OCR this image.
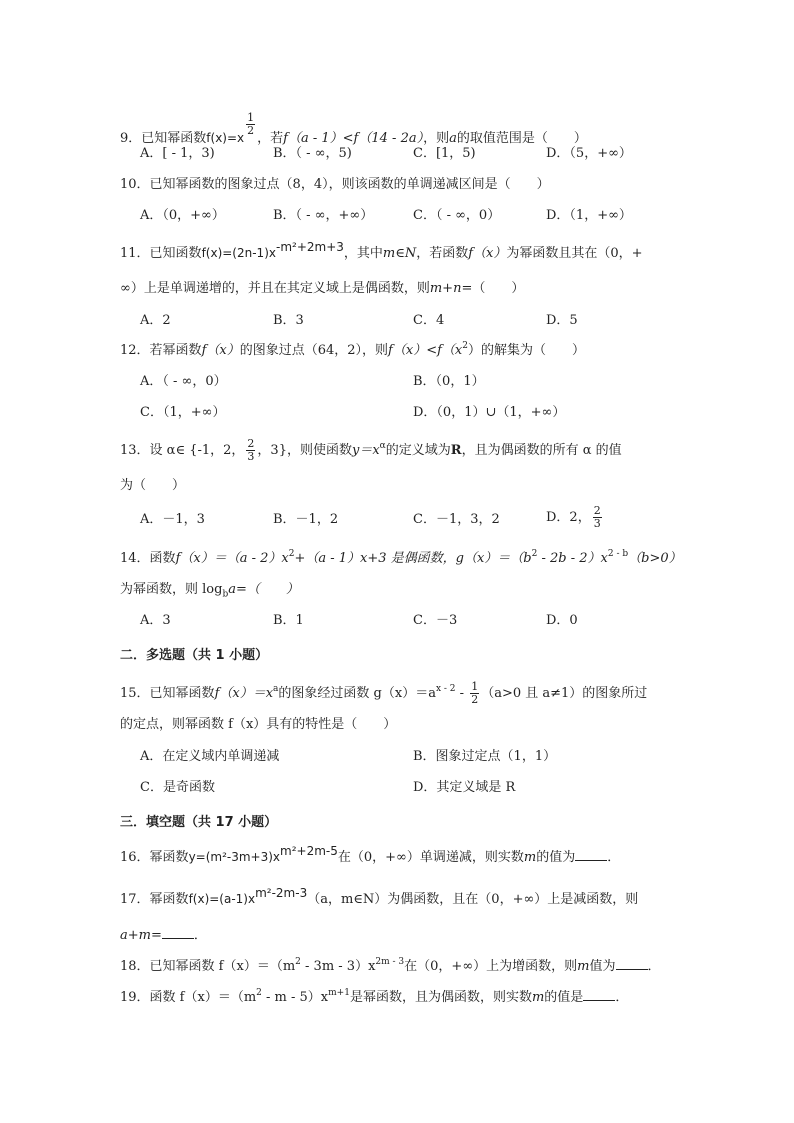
9．已知幂函数f(x)=x
$\frac{1}{2}$
，若f（a - 1）<f（14 - 2a），则a的取值范围是（　　）
A．[ - 1，3)	B．（ - ∞，5)	C．[1，5)	D．（5，+∞）
10．已知幂函数的图象过点（8，4），则该函数的单调递减区间是（　　）
A．（0，+∞）	B．（ - ∞，+∞）	C．（ - ∞，0）	D．（1，+∞）
11．已知函数$f(x)=(2n-1)x^{-m^2+2m+3}$，其中m∈N，若函数f（x）为幂函数且其在（0，+
∞）上是单调递增的，并且在其定义域上是偶函数，则m+n=（　　）
A．2	B．3	C．4	D．5
12．若幂函数f（x）的图象过点（64，2），则$f(x)<f(x^2)$的解集为（　　）
A．（ - ∞，0）	B．（0，1）
C．（1，+∞）	D．（0，1）∪（1，+∞）
13．设 α∈ {-1，2， $\frac{2}{3}$ ，3}，则使函数$y=x^\alpha$的定义域为R，且为偶函数的所有 α 的值
为（　　）
A．－1，3	B．－1，2	C．－1，3，2	D．2， $\frac{2}{3}$
14．函数$f(x)=(a - 2)x^2+(a - 1)x+3$ 是偶函数，$g(x)=(b^2 - 2b - 2)x^{2 - b}(b>0)$
为幂函数，则 $\log_ba=$（　　）
A．3	B．1	C．－3	D．0
二．多选题（共 1 小题）
15．已知幂函数$f(x)=x^a$的图象经过函数 $g(x)=a^{x - 2} - \frac{1}{2} (a>0$ 且 a≠1）的图象所过
的定点，则幂函数 f（x）具有的特性是（　　）
A．在定义域内单调递减	B．图象过定点（1，1）
C．是奇函数	D．其定义域是 R
三．填空题（共 17 小题）
16．幂函数$y=(m^2-3m+3)x^{m^2+2m-5}$在（0，+∞）单调递减，则实数m的值为 ．
17．幂函数$f(x)=(a-1)x^{m^2-2m-3}(a$，m∈N）为偶函数，且在（0，+∞）上是减函数，则
a+m= ．
18．已知幂函数 $f(x)=(m^2 - 3m - 3)x^{2m - 3}$在（0，+∞）上为增函数，则m值为 ．
19．函数 $f(x)=(m^2 - m - 5)x^{m+1}$是幂函数，且为偶函数，则实数m的值是 ．
